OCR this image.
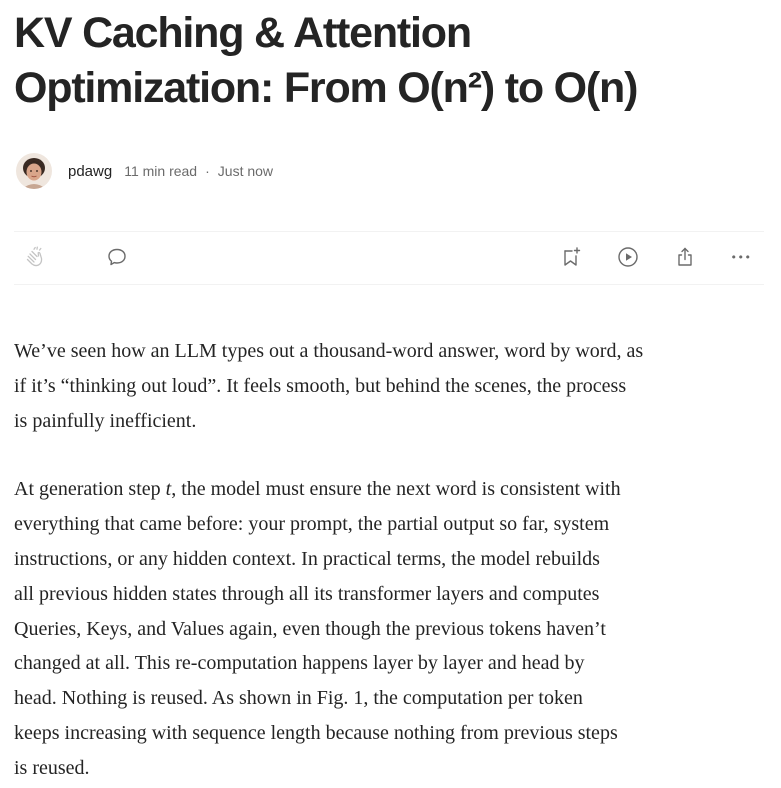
KV Caching & Attention
Optimization: From O(n²) to O(n)
pdawg 11 min read · Just now
•••

We’ve seen how an LLM types out a thousand-word answer, word by word, as
if it’s “thinking out loud”. It feels smooth, but behind the scenes, the process
is painfully inefficient.

At generation step t, the model must ensure the next word is consistent with
everything that came before: your prompt, the partial output so far, system
instructions, or any hidden context. In practical terms, the model rebuilds
all previous hidden states through all its transformer layers and computes
Queries, Keys, and Values again, even though the previous tokens haven’t
changed at all. This re-computation happens layer by layer and head by
head. Nothing is reused. As shown in Fig. 1, the computation per token
keeps increasing with sequence length because nothing from previous steps
is reused.
